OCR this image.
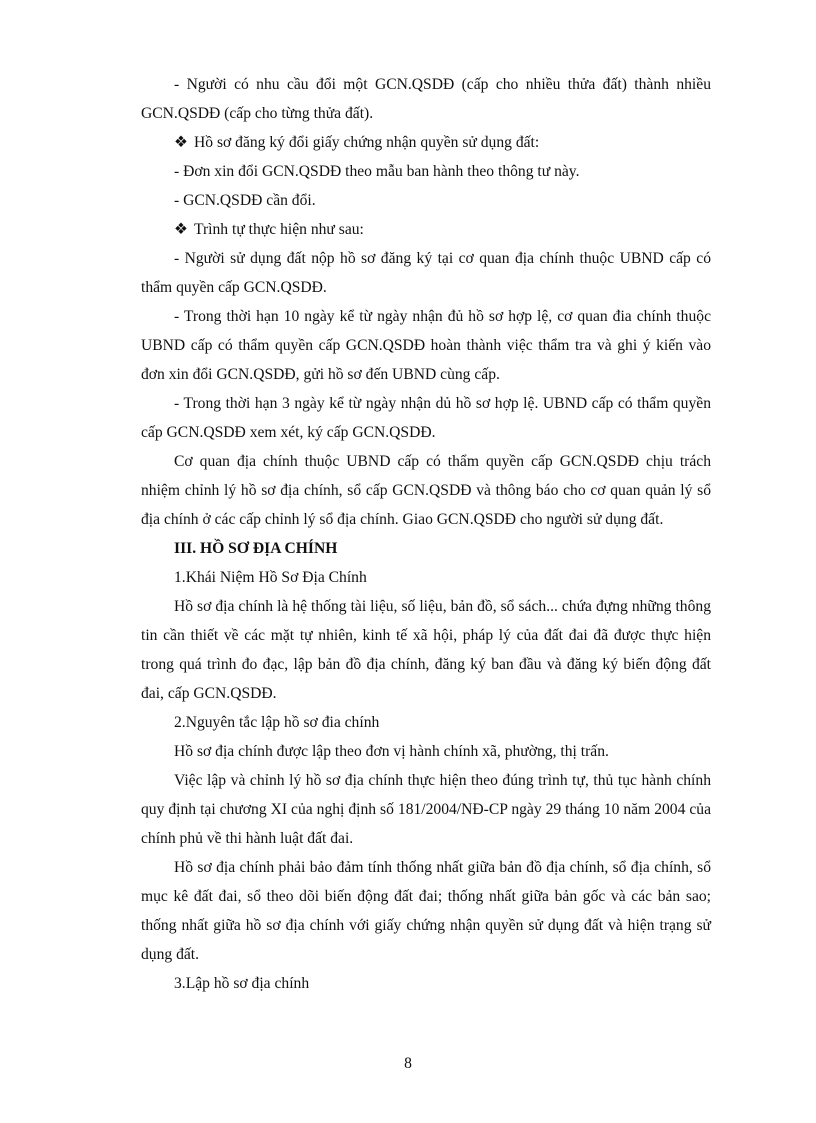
- Người có nhu cầu đổi một GCN.QSDĐ (cấp cho nhiều thửa đất) thành nhiều GCN.QSDĐ (cấp cho từng thửa đất).

❖ Hồ sơ đăng ký đổi giấy chứng nhận quyền sử dụng đất:

- Đơn xin đổi GCN.QSDĐ theo mẫu ban hành theo thông tư này.

- GCN.QSDĐ cần đổi.

❖ Trình tự thực hiện như sau:

- Người sử dụng đất nộp hồ sơ đăng ký tại cơ quan địa chính thuộc UBND cấp có thẩm quyền cấp GCN.QSDĐ.

- Trong thời hạn 10 ngày kể từ ngày nhận đủ hồ sơ hợp lệ, cơ quan đia chính thuộc UBND cấp có thẩm quyền cấp GCN.QSDĐ hoàn thành việc thẩm tra và ghi ý kiến vào đơn xin đổi GCN.QSDĐ, gửi hồ sơ đến UBND cùng cấp.

- Trong thời hạn 3 ngày kể từ ngày nhận dủ hồ sơ hợp lệ. UBND cấp có thẩm quyền cấp GCN.QSDĐ xem xét, ký cấp GCN.QSDĐ.

Cơ quan địa chính thuộc UBND cấp có thẩm quyền cấp GCN.QSDĐ chịu trách nhiệm chỉnh lý hồ sơ địa chính, sổ cấp GCN.QSDĐ và thông báo cho cơ quan quản lý sổ địa chính ở các cấp chỉnh lý sổ địa chính. Giao GCN.QSDĐ cho người sử dụng đất.

III. HỒ SƠ ĐỊA CHÍNH

1.Khái Niệm Hồ Sơ Địa Chính

Hồ sơ địa chính là hệ thống tài liệu, số liệu, bản đồ, sổ sách... chứa đựng những thông tin cần thiết về các mặt tự nhiên, kinh tế xã hội, pháp lý của đất đai đã được thực hiện trong quá trình đo đạc, lập bản đồ địa chính, đăng ký ban đầu và đăng ký biến động đất đai, cấp GCN.QSDĐ.

2.Nguyên tắc lập hồ sơ đia chính

Hồ sơ địa chính được lập theo đơn vị hành chính xã, phường, thị trấn.

Việc lập và chỉnh lý hồ sơ địa chính thực hiện theo đúng trình tự, thủ tục hành chính quy định tại chương XI của nghị định số 181/2004/NĐ-CP ngày 29 tháng 10 năm 2004 của chính phủ về thi hành luật đất đai.

Hồ sơ địa chính phải bảo đảm tính thống nhất giữa bản đồ địa chính, sổ địa chính, sổ mục kê đất đai, sổ theo dõi biến động đất đai; thống nhất giữa bản gốc và các bản sao; thống nhất giữa hồ sơ địa chính với giấy chứng nhận quyền sử dụng đất và hiện trạng sử dụng đất.

3.Lập hồ sơ địa chính

8
